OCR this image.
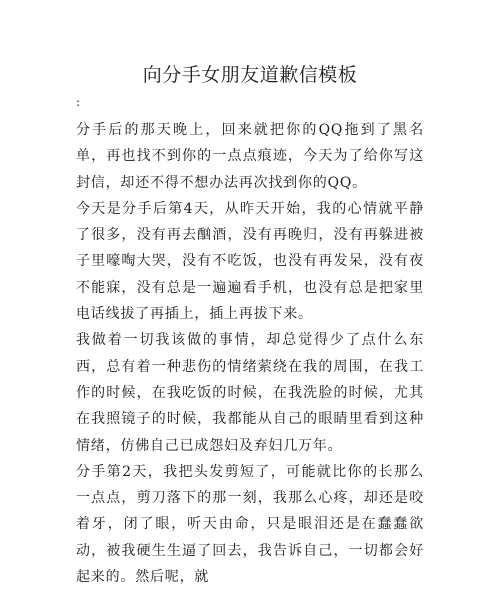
向分手女朋友道歉信模板

:

分手后的那天晚上，回来就把你的QQ拖到了黑名单，再也找不到你的一点点痕迹，今天为了给你写这封信，却还不得不想办法再次找到你的QQ。

今天是分手后第4天，从昨天开始，我的心情就平静了很多，没有再去酗酒，没有再晚归，没有再躲进被子里嚎啕大哭，没有不吃饭，也没有再发呆，没有夜不能寐，没有总是一遍遍看手机，也没有总是把家里电话线拔了再插上，插上再拔下来。

我做着一切我该做的事情，却总觉得少了点什么东西，总有着一种悲伤的情绪萦绕在我的周围，在我工作的时候，在我吃饭的时候，在我洗脸的时候，尤其在我照镜子的时候，我都能从自己的眼睛里看到这种情绪，仿佛自己已成怨妇及弃妇几万年。

分手第2天，我把头发剪短了，可能就比你的长那么一点点，剪刀落下的那一刻，我那么心疼，却还是咬着牙，闭了眼，听天由命，只是眼泪还是在蠢蠢欲动，被我硬生生逼了回去，我告诉自己，一切都会好起来的。然后呢，就
